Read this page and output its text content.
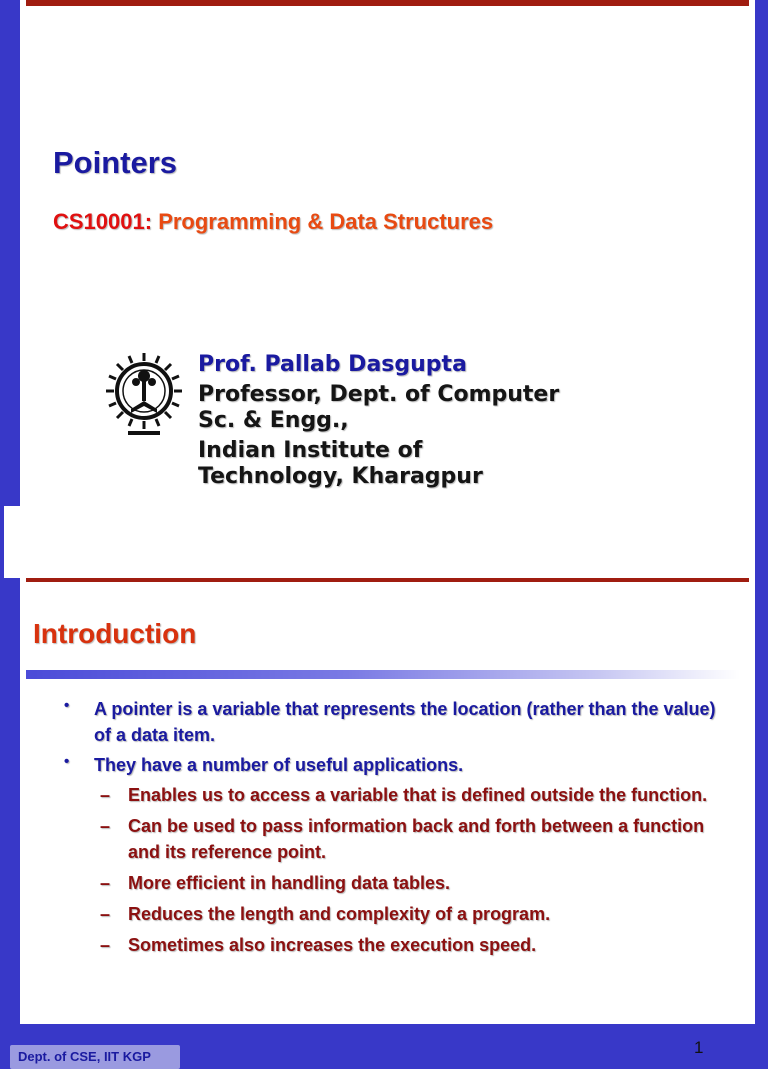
Pointers
CS10001: Programming & Data Structures
Prof. Pallab Dasgupta
Professor, Dept. of Computer
Sc. & Engg.,
Indian Institute of
Technology, Kharagpur
1
Dept. of CSE, IIT KGP
Introduction
• A pointer is a variable that represents the location (rather than the value) of a data item.
• They have a number of useful applications.
– Enables us to access a variable that is defined outside the function.
– Can be used to pass information back and forth between a function and its reference point.
– More efficient in handling data tables.
– Reduces the length and complexity of a program.
– Sometimes also increases the execution speed.
